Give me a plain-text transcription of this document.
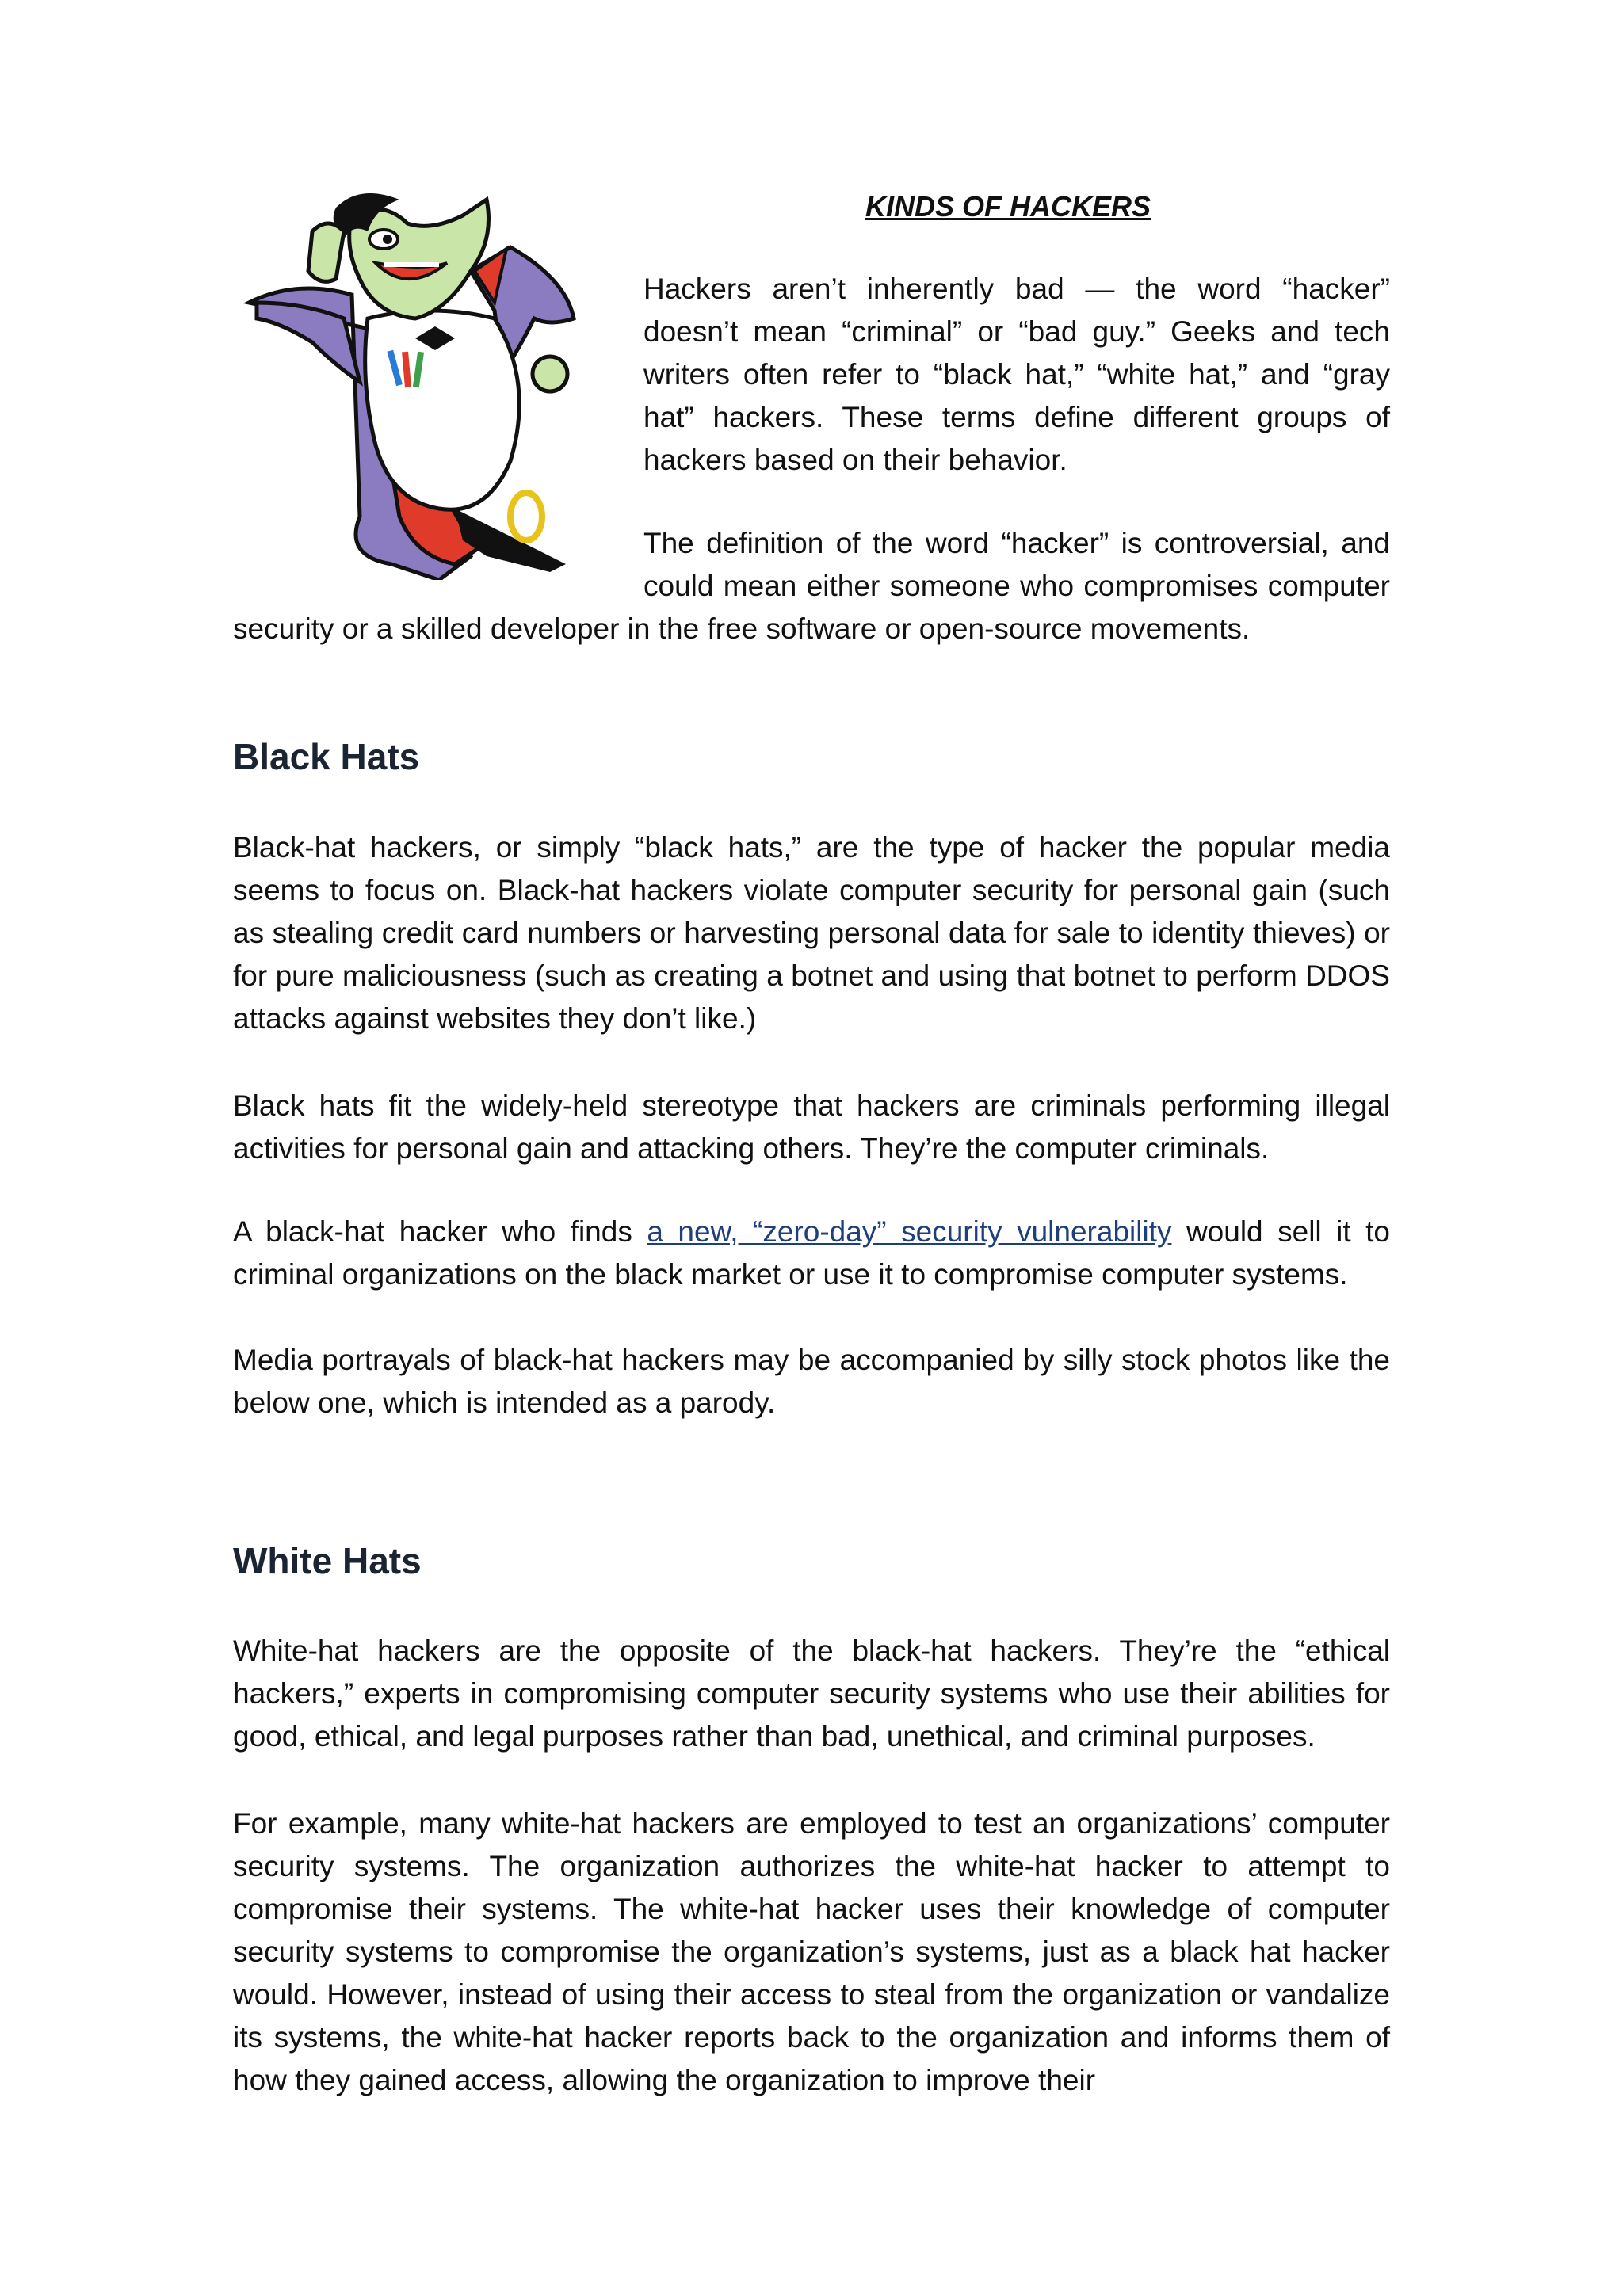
KINDS OF HACKERS

Hackers aren’t inherently bad — the word “hacker” doesn’t mean “criminal” or “bad guy.” Geeks and tech writers often refer to “black hat,” “white hat,” and “gray hat” hackers. These terms define different groups of hackers based on their behavior.

The definition of the word “hacker” is controversial, and could mean either someone who compromises computer security or a skilled developer in the free software or open-source movements.

Black Hats

Black-hat hackers, or simply “black hats,” are the type of hacker the popular media seems to focus on. Black-hat hackers violate computer security for personal gain (such as stealing credit card numbers or harvesting personal data for sale to identity thieves) or for pure maliciousness (such as creating a botnet and using that botnet to perform DDOS attacks against websites they don’t like.)

Black hats fit the widely-held stereotype that hackers are criminals performing illegal activities for personal gain and attacking others. They’re the computer criminals.

A black-hat hacker who finds a new, “zero-day” security vulnerability would sell it to criminal organizations on the black market or use it to compromise computer systems.

Media portrayals of black-hat hackers may be accompanied by silly stock photos like the below one, which is intended as a parody.

White Hats

White-hat hackers are the opposite of the black-hat hackers. They’re the “ethical hackers,” experts in compromising computer security systems who use their abilities for good, ethical, and legal purposes rather than bad, unethical, and criminal purposes.

For example, many white-hat hackers are employed to test an organizations’ computer security systems. The organization authorizes the white-hat hacker to attempt to compromise their systems. The white-hat hacker uses their knowledge of computer security systems to compromise the organization’s systems, just as a black hat hacker would. However, instead of using their access to steal from the organization or vandalize its systems, the white-hat hacker reports back to the organization and informs them of how they gained access, allowing the organization to improve their
